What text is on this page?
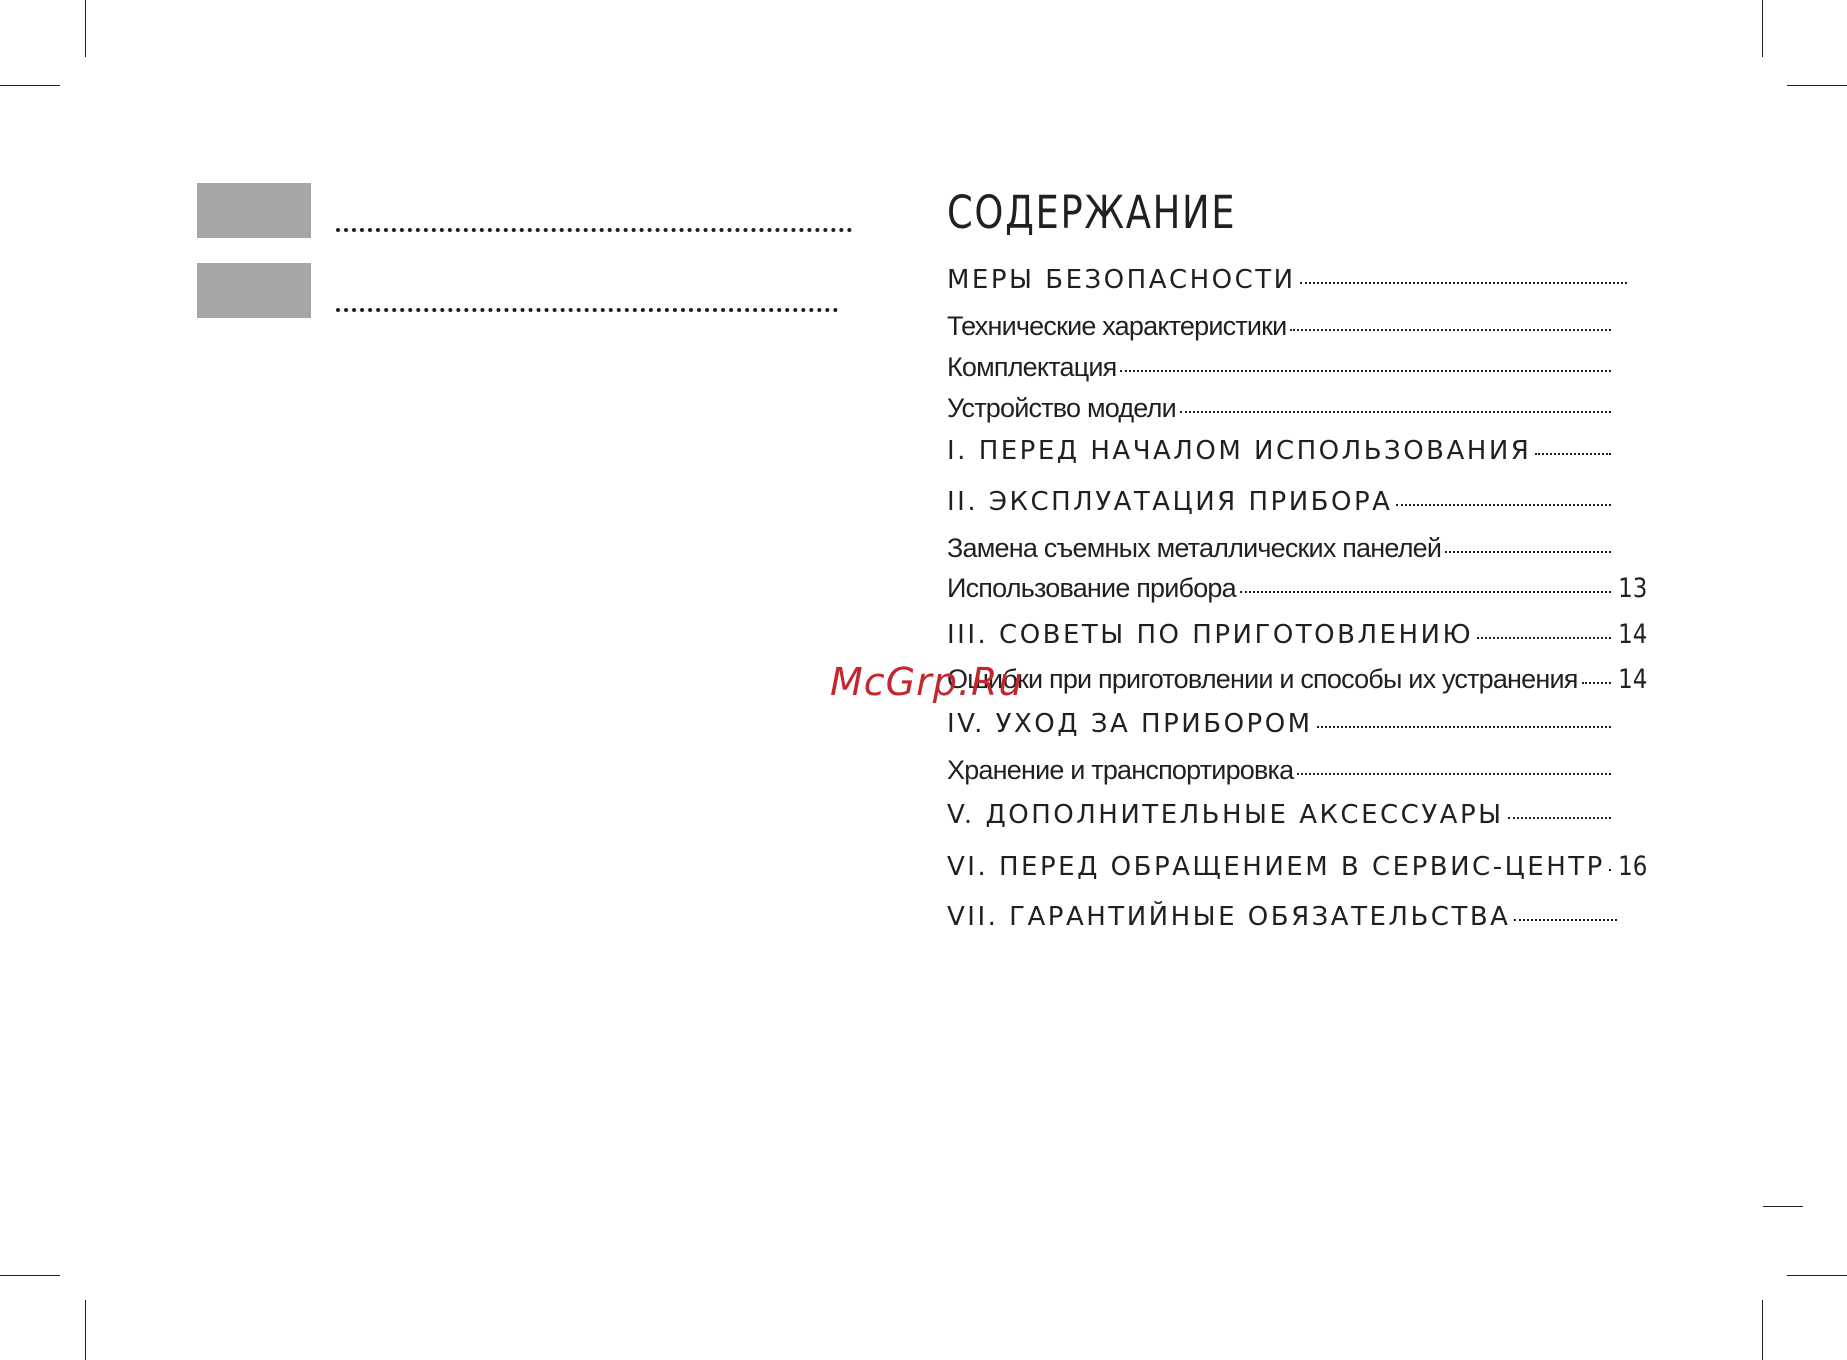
СОДЕРЖАНИЕ
МЕРЫ БЕЗОПАСНОСТИ
Технические характеристики
Комплектация
Устройство модели
I. ПЕРЕД НАЧАЛОМ ИСПОЛЬЗОВАНИЯ
II. ЭКСПЛУАТАЦИЯ ПРИБОРА
Замена съемных металлических панелей
Использование прибора	13
III. СОВЕТЫ ПО ПРИГОТОВЛЕНИЮ	14
Ошибки при приготовлении и способы их устранения 14
IV. УХОД ЗА ПРИБОРОМ
Хранение и транспортировка
V. ДОПОЛНИТЕЛЬНЫЕ АКСЕССУАРЫ
VI. ПЕРЕД ОБРАЩЕНИЕМ В СЕРВИС-ЦЕНТР 16
VII. ГАРАНТИЙНЫЕ ОБЯЗАТЕЛЬСТВА
McGrp.Ru
